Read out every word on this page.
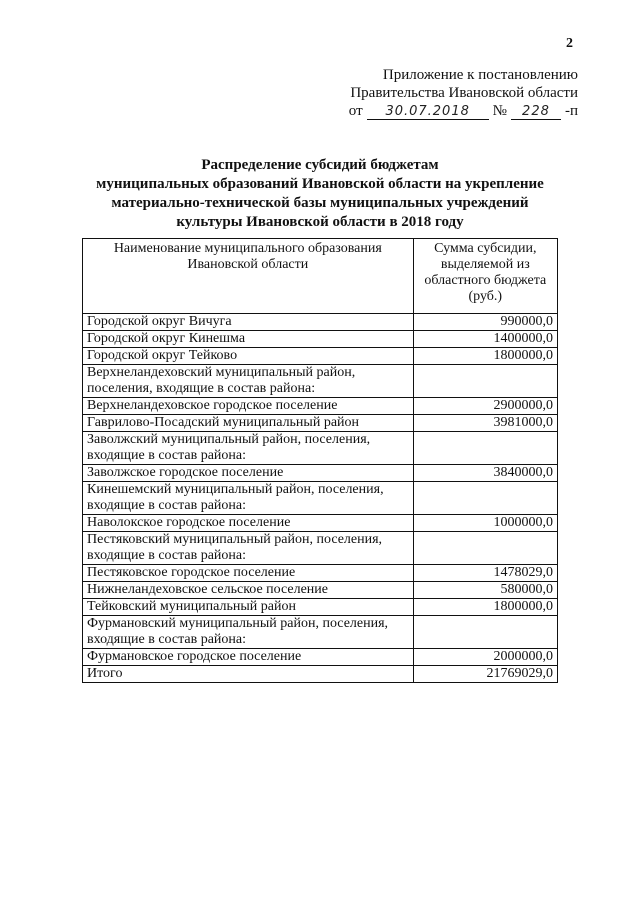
2
Приложение к постановлению
Правительства Ивановской области
от	30.07.2018	№	228	-п
Распределение субсидий бюджетам
муниципальных образований Ивановской области на укрепление
материально-технической базы муниципальных учреждений
культуры Ивановской области в 2018 году
Наименование муниципального образования Ивановской области	Сумма субсидии, выделяемой из областного бюджета (руб.)
Городской округ Вичуга	990000,0
Городской округ Кинешма	1400000,0
Городской округ Тейково	1800000,0
Верхнеландеховский муниципальный район, поселения, входящие в состав района:	
Верхнеландеховское городское поселение	2900000,0
Гаврилово-Посадский муниципальный район	3981000,0
Заволжский муниципальный район, поселения, входящие в состав района:	
Заволжское городское поселение	3840000,0
Кинешемский муниципальный район, поселения, входящие в состав района:	
Наволокское городское поселение	1000000,0
Пестяковский муниципальный район, поселения, входящие в состав района:	
Пестяковское городское поселение	1478029,0
Нижнеландеховское сельское поселение	580000,0
Тейковский муниципальный район	1800000,0
Фурмановский муниципальный район, поселения, входящие в состав района:	
Фурмановское городское поселение	2000000,0
Итого	21769029,0
